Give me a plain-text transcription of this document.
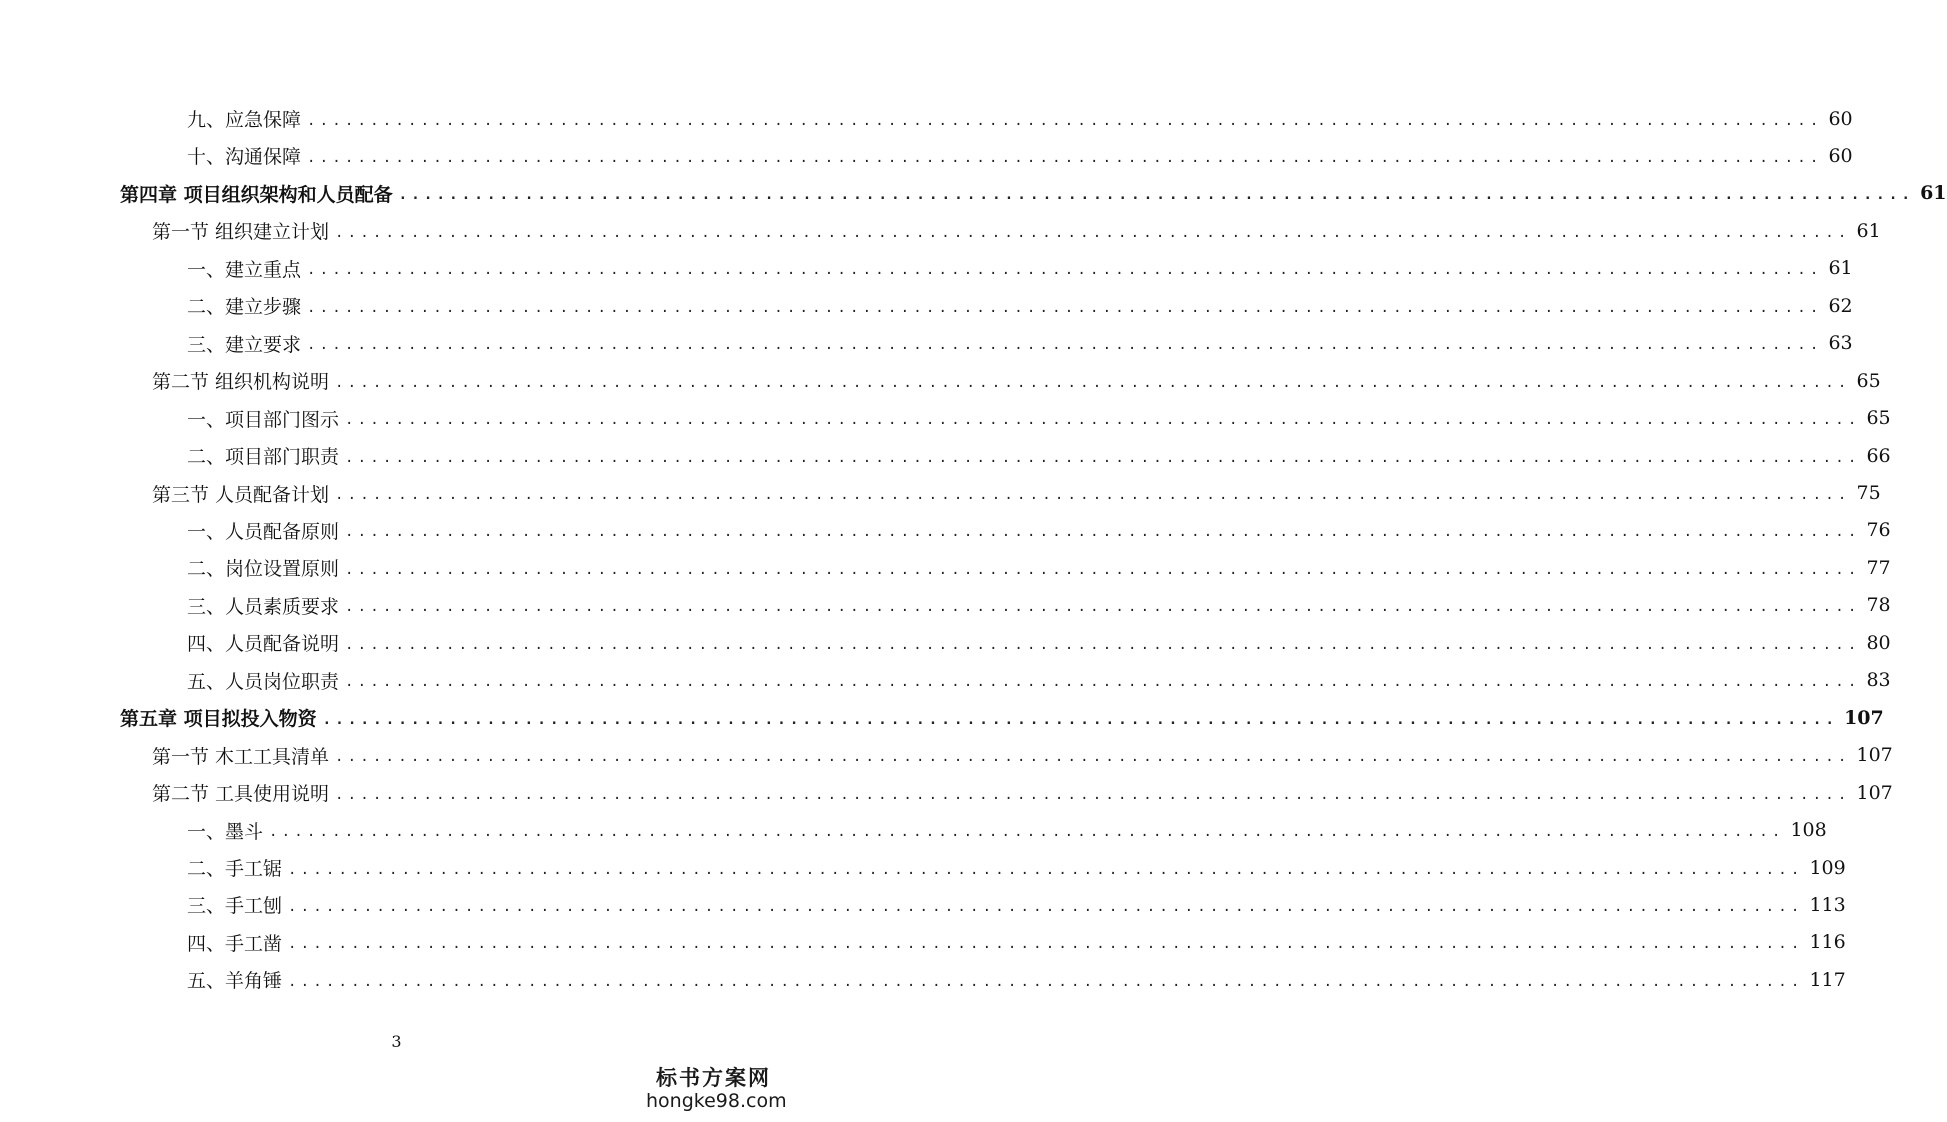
九、应急保障 ........................................................................................................................ 60
十、沟通保障 ........................................................................................................................ 60
第四章 项目组织架构和人员配备 ........................................................................................................................ 61
第一节 组织建立计划 ........................................................................................................................ 61
一、建立重点 ........................................................................................................................ 61
二、建立步骤 ........................................................................................................................ 62
三、建立要求 ........................................................................................................................ 63
第二节 组织机构说明 ........................................................................................................................ 65
一、项目部门图示 ........................................................................................................................ 65
二、项目部门职责 ........................................................................................................................ 66
第三节 人员配备计划 ........................................................................................................................ 75
一、人员配备原则 ........................................................................................................................ 76
二、岗位设置原则 ........................................................................................................................ 77
三、人员素质要求 ........................................................................................................................ 78
四、人员配备说明 ........................................................................................................................ 80
五、人员岗位职责 ........................................................................................................................ 83
第五章 项目拟投入物资 ........................................................................................................................ 107
第一节 木工工具清单 ........................................................................................................................ 107
第二节 工具使用说明 ........................................................................................................................ 107
一、墨斗 ........................................................................................................................ 108
二、手工锯 ........................................................................................................................ 109
三、手工刨 ........................................................................................................................ 113
四、手工凿 ........................................................................................................................ 116
五、羊角锤 ........................................................................................................................ 117
3
标书方案网
hongke98.com
